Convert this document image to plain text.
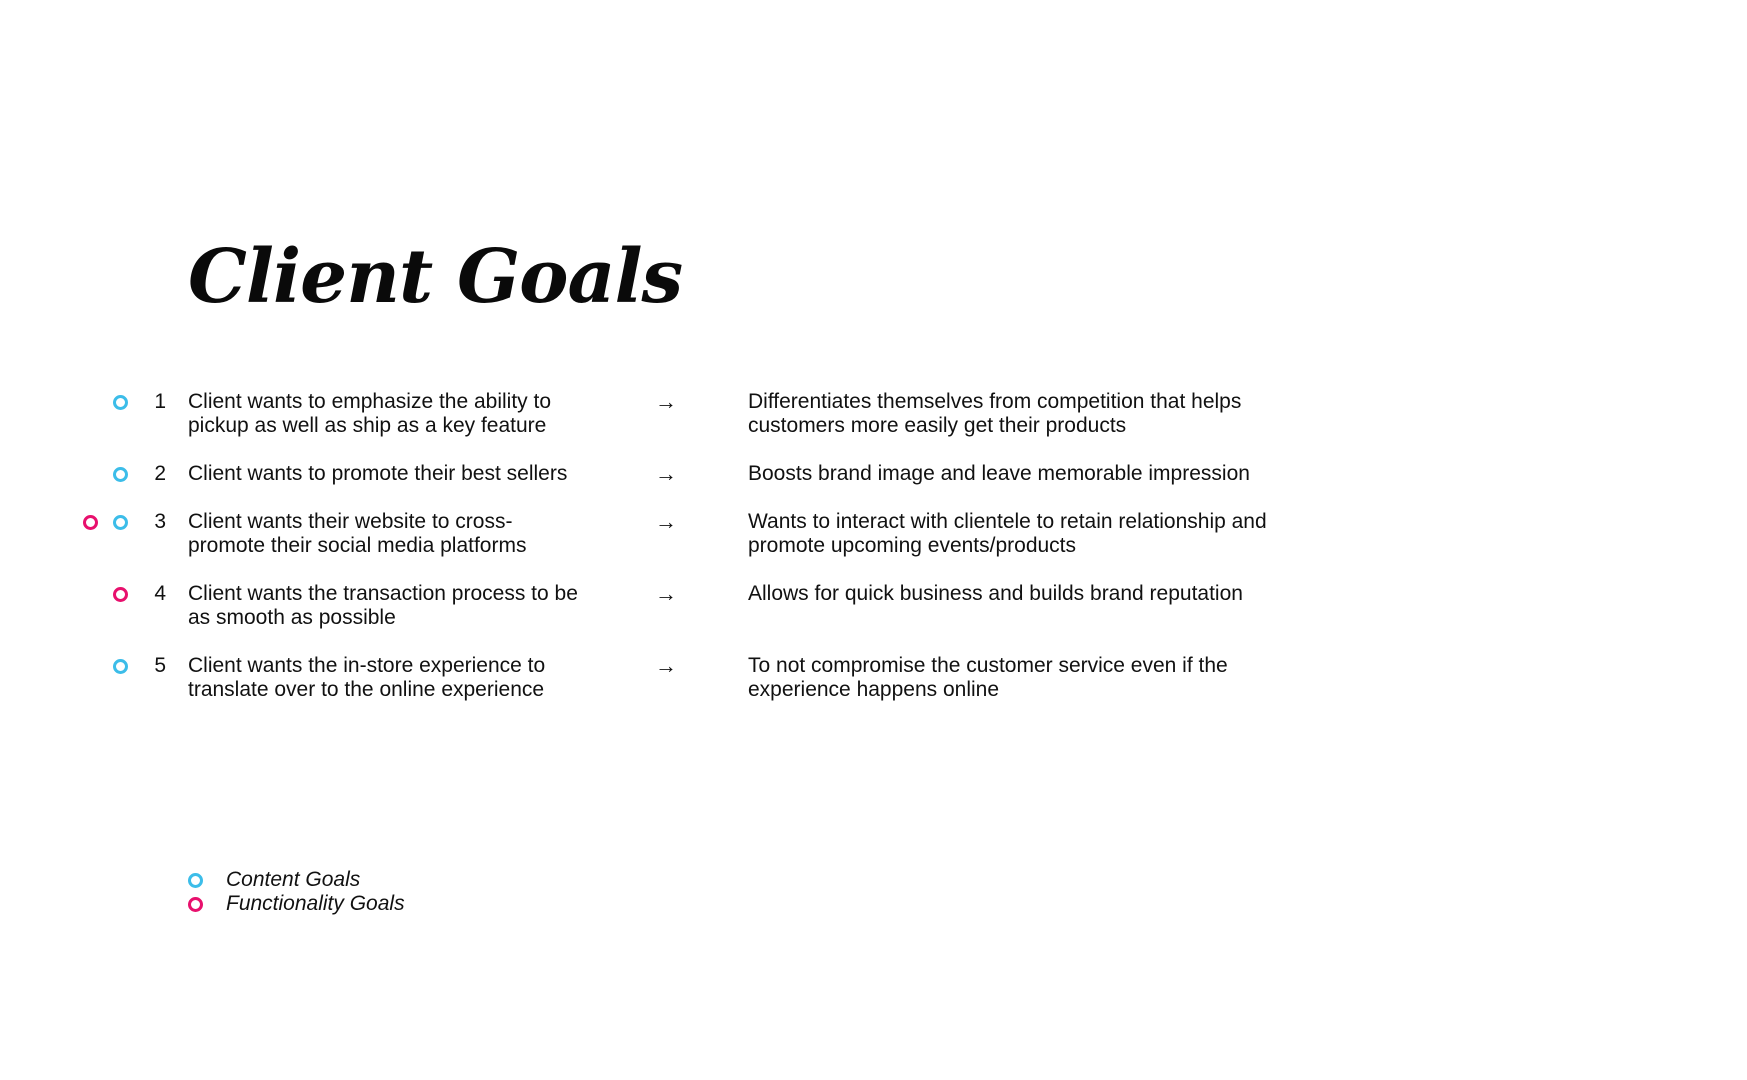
Client Goals
1 Client wants to emphasize the ability to
pickup as well as ship as a key feature
→	Differentiates themselves from competition that helps
customers more easily get their products
2 Client wants to promote their best sellers	→	Boosts brand image and leave memorable impression
3 Client wants their website to cross-
promote their social media platforms
→	Wants to interact with clientele to retain relationship and
promote upcoming events/products
4 Client wants the transaction process to be
as smooth as possible
→	Allows for quick business and builds brand reputation
5 Client wants the in-store experience to
translate over to the online experience
→	To not compromise the customer service even if the
experience happens online
Content Goals
Functionality Goals
